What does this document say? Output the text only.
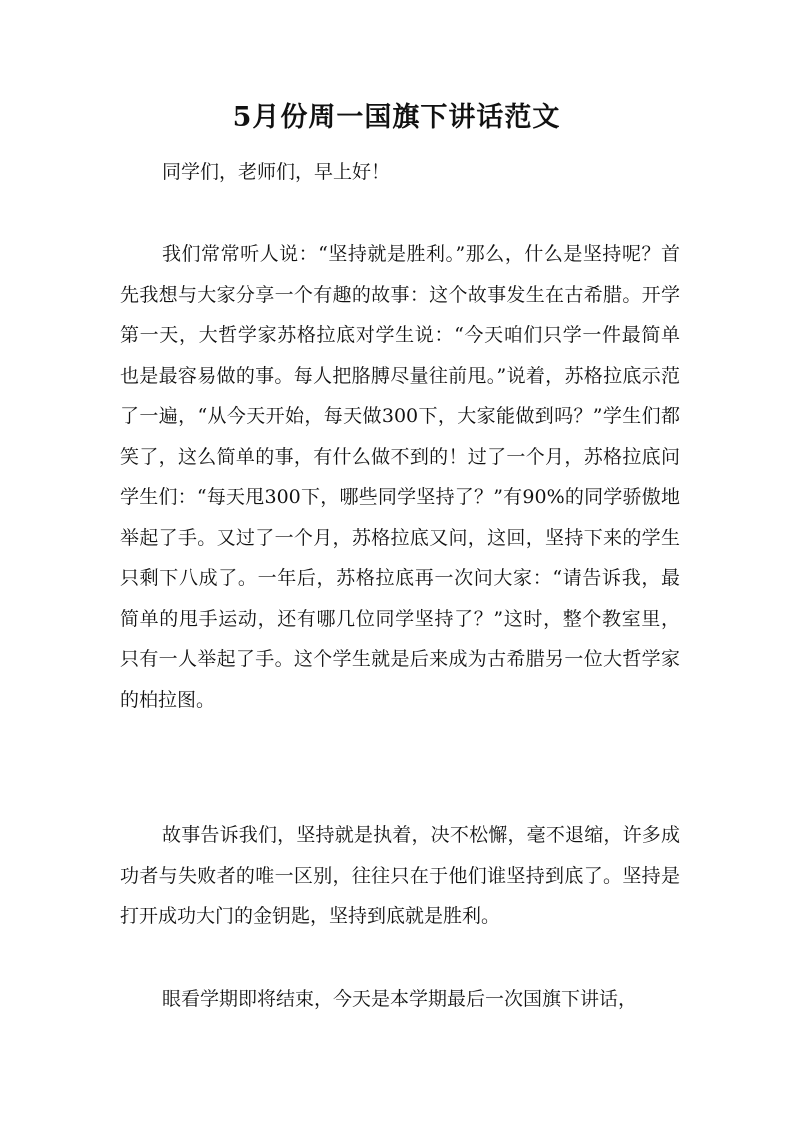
5月份周一国旗下讲话范文

同学们，老师们，早上好！

我们常常听人说：“坚持就是胜利。”那么，什么是坚持呢？首先我想与大家分享一个有趣的故事：这个故事发生在古希腊。开学第一天，大哲学家苏格拉底对学生说：“今天咱们只学一件最简单也是最容易做的事。每人把胳膊尽量往前甩。”说着，苏格拉底示范了一遍，“从今天开始，每天做300下，大家能做到吗？”学生们都笑了，这么简单的事，有什么做不到的！过了一个月，苏格拉底问学生们：“每天甩300下，哪些同学坚持了？”有90%的同学骄傲地举起了手。又过了一个月，苏格拉底又问，这回，坚持下来的学生只剩下八成了。一年后，苏格拉底再一次问大家：“请告诉我，最简单的甩手运动，还有哪几位同学坚持了？”这时，整个教室里，只有一人举起了手。这个学生就是后来成为古希腊另一位大哲学家的柏拉图。

故事告诉我们，坚持就是执着，决不松懈，毫不退缩，许多成功者与失败者的唯一区别，往往只在于他们谁坚持到底了。坚持是打开成功大门的金钥匙，坚持到底就是胜利。

眼看学期即将结束，今天是本学期最后一次国旗下讲话，
